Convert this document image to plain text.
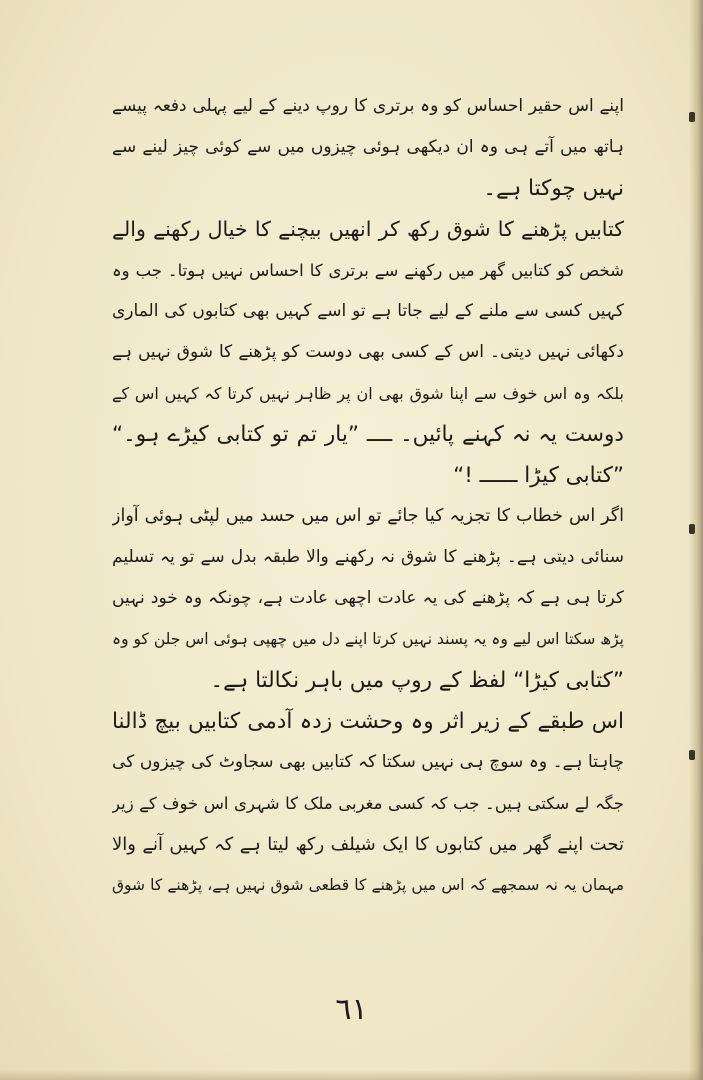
اپنے اس حقیر احساس کو وہ برتری کا روپ دینے کے لیے پہلی دفعہ پیسے
ہاتھ میں آتے ہی وہ ان دیکھی ہوئی چیزوں میں سے کوئی چیز لینے سے
نہیں چوکتا ہے۔
کتابیں پڑھنے کا شوق رکھ کر انھیں بیچنے کا خیال رکھنے والے
شخص کو کتابیں گھر میں رکھنے سے برتری کا احساس نہیں ہوتا۔ جب وہ
کہیں کسی سے ملنے کے لیے جاتا ہے تو اسے کہیں بھی کتابوں کی الماری
دکھائی نہیں دیتی۔ اس کے کسی بھی دوست کو پڑھنے کا شوق نہیں ہے
بلکہ وہ اس خوف سے اپنا شوق بھی ان پر ظاہر نہیں کرتا کہ کہیں اس کے
دوست یہ نہ کہنے پائیں۔ ــــ ”یار تم تو کتابی کیڑے ہو۔“
”کتابی کیڑا ــــــ !“
اگر اس خطاب کا تجزیہ کیا جائے تو اس میں حسد میں لپٹی ہوئی آواز
سنائی دیتی ہے۔ پڑھنے کا شوق نہ رکھنے والا طبقہ بدل سے تو یہ تسلیم
کرتا ہی ہے کہ پڑھنے کی یہ عادت اچھی عادت ہے، چونکہ وہ خود نہیں
پڑھ سکتا اس لیے وہ یہ پسند نہیں کرتا اپنے دل میں چھپی ہوئی اس جلن کو وہ
”کتابی کیڑا“ لفظ کے روپ میں باہر نکالتا ہے۔
اس طبقے کے زیر اثر وہ وحشت زدہ آدمی کتابیں بیچ ڈالنا
چاہتا ہے۔ وہ سوچ ہی نہیں سکتا کہ کتابیں بھی سجاوٹ کی چیزوں کی
جگہ لے سکتی ہیں۔ جب کہ کسی مغربی ملک کا شہری اس خوف کے زیر
تحت اپنے گھر میں کتابوں کا ایک شیلف رکھ لیتا ہے کہ کہیں آنے والا
مہمان یہ نہ سمجھے کہ اس میں پڑھنے کا قطعی شوق نہیں ہے، پڑھنے کا شوق
٦١
